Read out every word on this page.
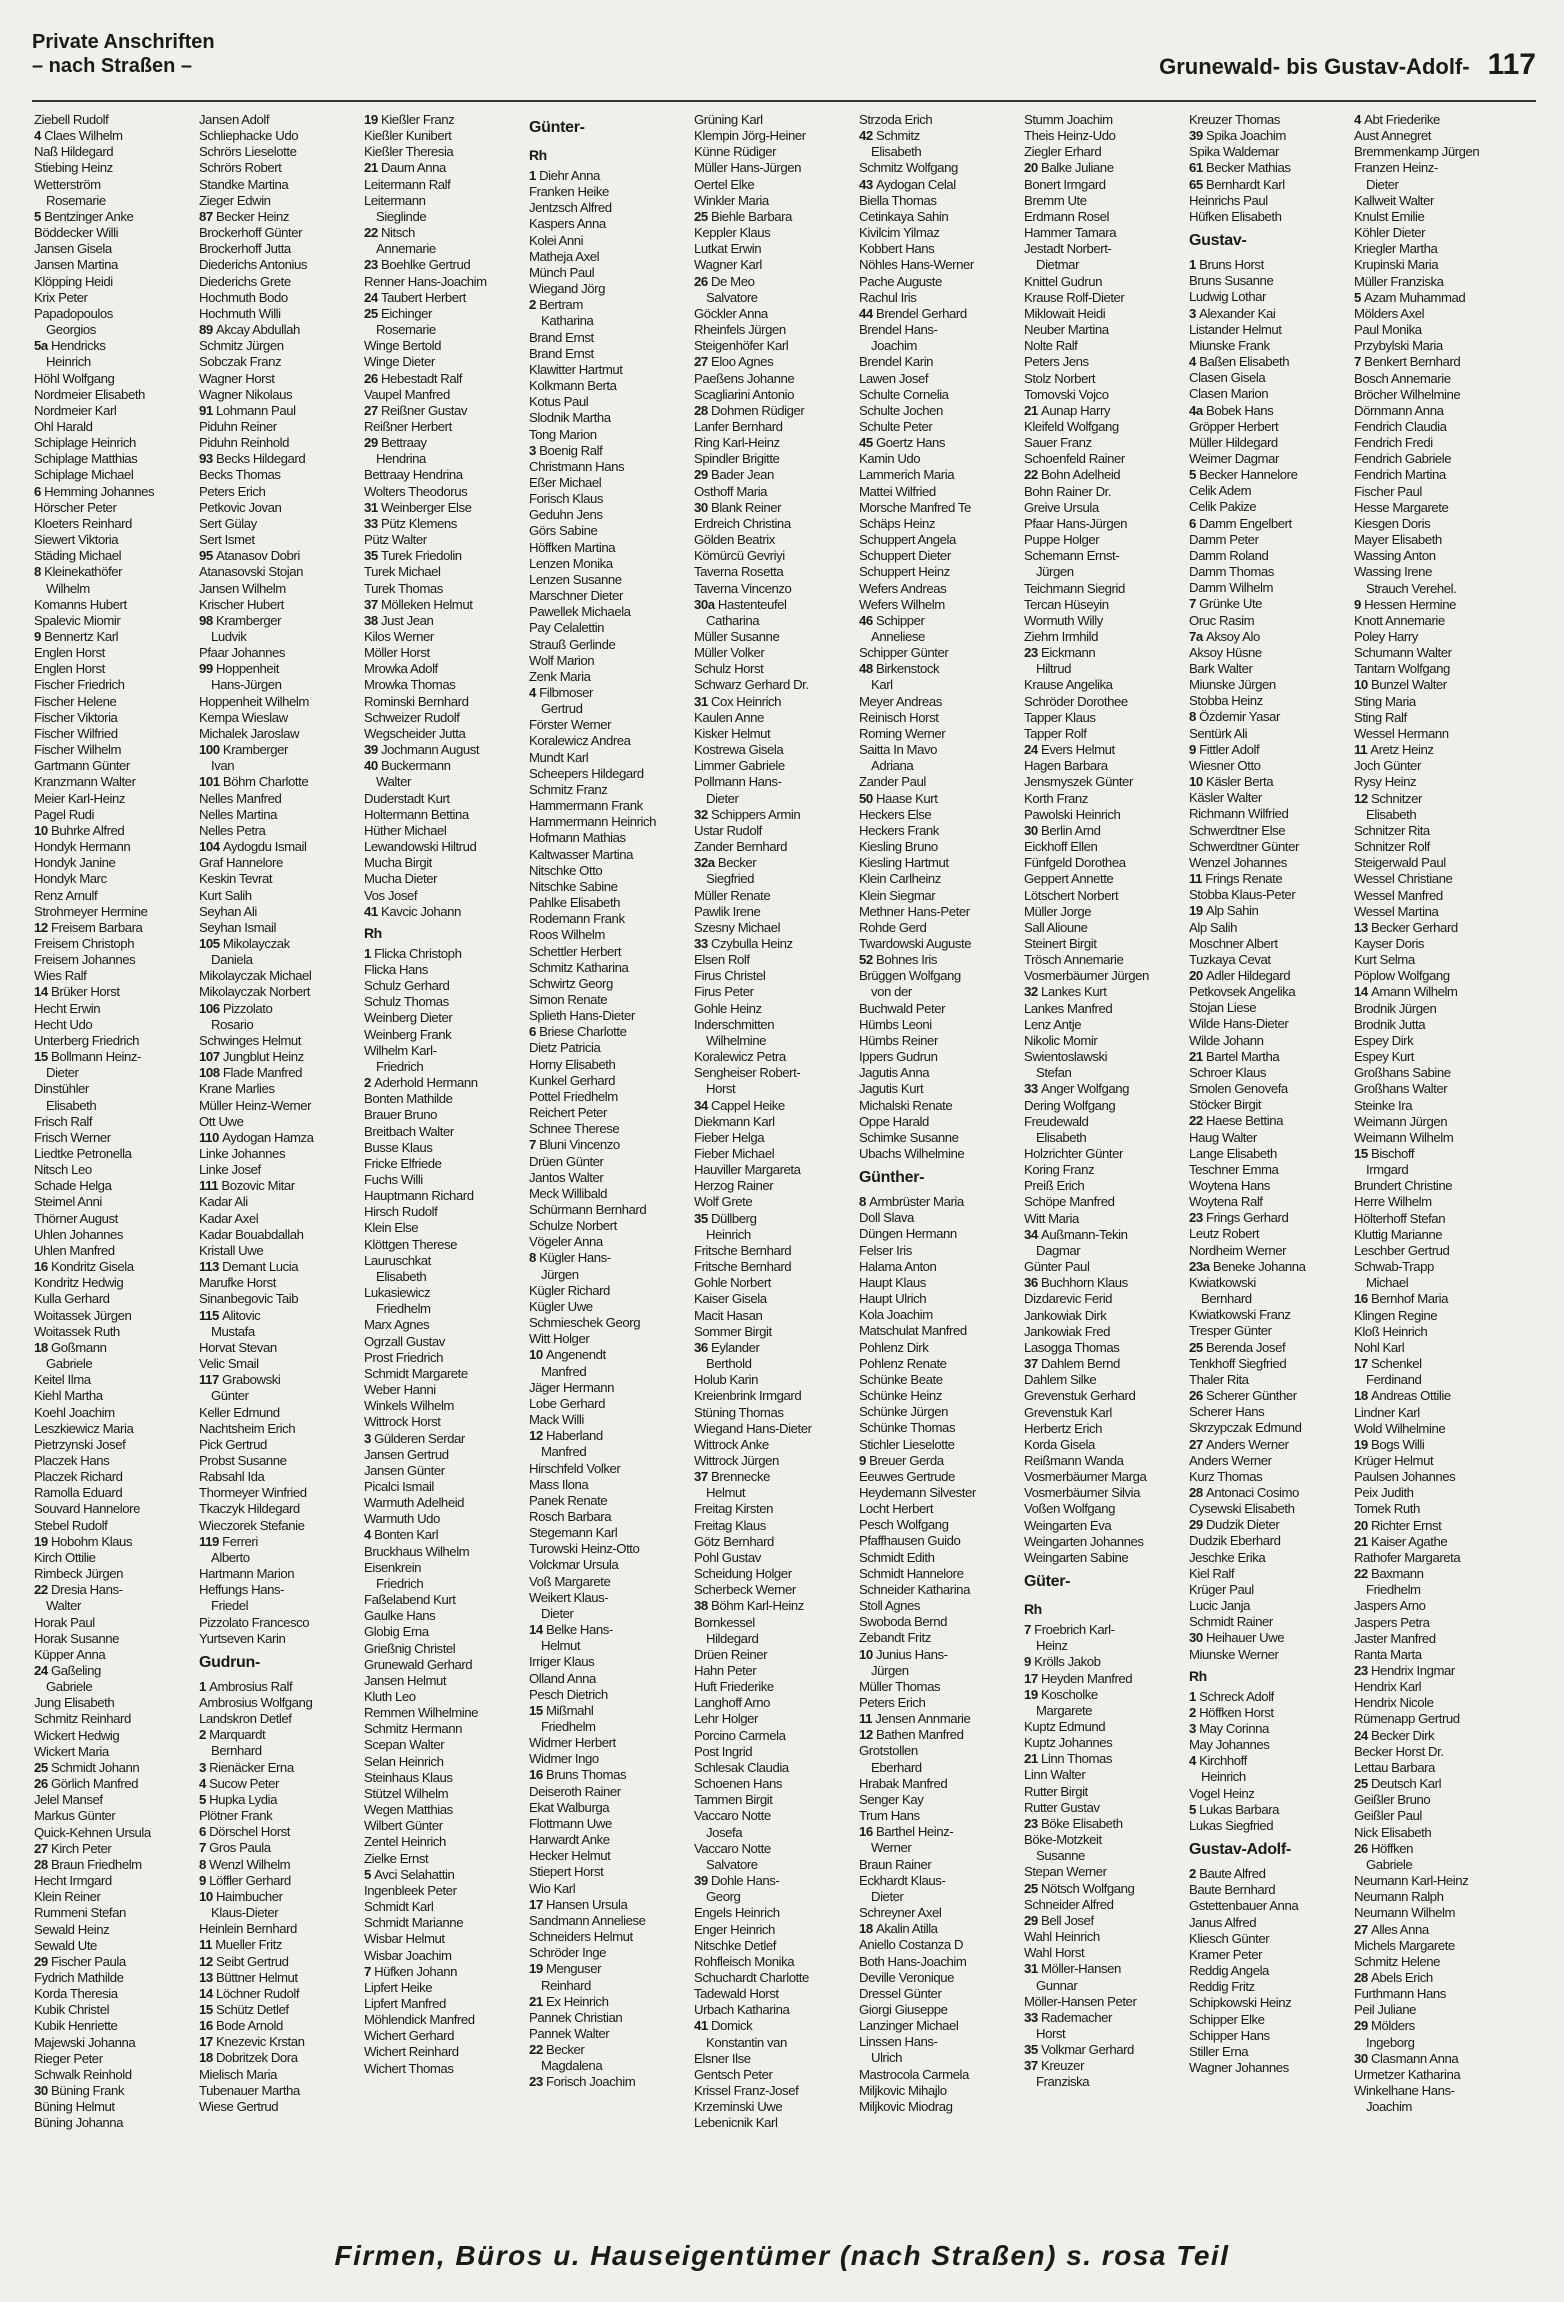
Private Anschriften
– nach Straßen –	Grunewald- bis Gustav-Adolf- 117
Ziebell Rudolf
4 Claes Wilhelm
Naß Hildegard
Stiebing Heinz
Wetterström
Rosemarie
5 Bentzinger Anke
Böddecker Willi
Jansen Gisela
Jansen Martina
Klöpping Heidi
Krix Peter
Papadopoulos
Georgios
5a Hendricks
Heinrich
Höhl Wolfgang
Nordmeier Elisabeth
Nordmeier Karl
Ohl Harald
Schiplage Heinrich
Schiplage Matthias
Schiplage Michael
6 Hemming Johannes
Hörscher Peter
Kloeters Reinhard
Siewert Viktoria
Städing Michael
8 Kleinekathöfer
Wilhelm
Komanns Hubert
Spalevic Miomir
9 Bennertz Karl
Englen Horst
Englen Horst
Fischer Friedrich
Fischer Helene
Fischer Viktoria
Fischer Wilfried
Fischer Wilhelm
Gartmann Günter
Kranzmann Walter
Meier Karl-Heinz
Pagel Rudi
10 Buhrke Alfred
Hondyk Hermann
Hondyk Janine
Hondyk Marc
Renz Arnulf
Strohmeyer Hermine
12 Freisem Barbara
Freisem Christoph
Freisem Johannes
Wies Ralf
14 Brüker Horst
Hecht Erwin
Hecht Udo
Unterberg Friedrich
15 Bollmann Heinz-
Dieter
Dinstühler
Elisabeth
Frisch Ralf
Frisch Werner
Liedtke Petronella
Nitsch Leo
Schade Helga
Steimel Anni
Thörner August
Uhlen Johannes
Uhlen Manfred
16 Kondritz Gisela
Kondritz Hedwig
Kulla Gerhard
Woitassek Jürgen
Woitassek Ruth
18 Goßmann
Gabriele
Keitel Ilma
Kiehl Martha
Koehl Joachim
Leszkiewicz Maria
Pietrzynski Josef
Placzek Hans
Placzek Richard
Ramolla Eduard
Souvard Hannelore
Stebel Rudolf
19 Hobohm Klaus
Kirch Ottilie
Rimbeck Jürgen
22 Dresia Hans-
Walter
Horak Paul
Horak Susanne
Küpper Anna
24 Gaßeling
Gabriele
Jung Elisabeth
Schmitz Reinhard
Wickert Hedwig
Wickert Maria
25 Schmidt Johann
26 Görlich Manfred
Jelel Mansef
Markus Günter
Quick-Kehnen Ursula
27 Kirch Peter
28 Braun Friedhelm
Hecht Irmgard
Klein Reiner
Rummeni Stefan
Sewald Heinz
Sewald Ute
29 Fischer Paula
Fydrich Mathilde
Korda Theresia
Kubik Christel
Kubik Henriette
Majewski Johanna
Rieger Peter
Schwalk Reinhold
30 Büning Frank
Büning Helmut
Büning Johanna
Jansen Adolf
Schliephacke Udo
Schrörs Lieselotte
Schrörs Robert
Standke Martina
Zieger Edwin
87 Becker Heinz
Brockerhoff Günter
Brockerhoff Jutta
Diederichs Antonius
Diederichs Grete
Hochmuth Bodo
Hochmuth Willi
89 Akcay Abdullah
Schmitz Jürgen
Sobczak Franz
Wagner Horst
Wagner Nikolaus
91 Lohmann Paul
Piduhn Reiner
Piduhn Reinhold
93 Becks Hildegard
Becks Thomas
Peters Erich
Petkovic Jovan
Sert Gülay
Sert Ismet
95 Atanasov Dobri
Atanasovski Stojan
Jansen Wilhelm
Krischer Hubert
98 Kramberger
Ludvik
Pfaar Johannes
99 Hoppenheit
Hans-Jürgen
Hoppenheit Wilhelm
Kempa Wieslaw
Michalek Jaroslaw
100 Kramberger
Ivan
101 Böhm Charlotte
Nelles Manfred
Nelles Martina
Nelles Petra
104 Aydogdu Ismail
Graf Hannelore
Keskin Tevrat
Kurt Salih
Seyhan Ali
Seyhan Ismail
105 Mikolayczak
Daniela
Mikolayczak Michael
Mikolayczak Norbert
106 Pizzolato
Rosario
Schwinges Helmut
107 Jungblut Heinz
108 Flade Manfred
Krane Marlies
Müller Heinz-Werner
Ott Uwe
110 Aydogan Hamza
Linke Johannes
Linke Josef
111 Bozovic Mitar
Kadar Ali
Kadar Axel
Kadar Bouabdallah
Kristall Uwe
113 Demant Lucia
Marufke Horst
Sinanbegovic Taib
115 Alitovic
Mustafa
Horvat Stevan
Velic Smail
117 Grabowski
Günter
Keller Edmund
Nachtsheim Erich
Pick Gertrud
Probst Susanne
Rabsahl Ida
Thormeyer Winfried
Tkaczyk Hildegard
Wieczorek Stefanie
119 Ferreri
Alberto
Hartmann Marion
Heffungs Hans-
Friedel
Pizzolato Francesco
Yurtseven Karin
Gudrun-
1 Ambrosius Ralf
Ambrosius Wolfgang
Landskron Detlef
2 Marquardt
Bernhard
3 Rienäcker Erna
4 Sucow Peter
5 Hupka Lydia
Plötner Frank
6 Dörschel Horst
7 Gros Paula
8 Wenzl Wilhelm
9 Löffler Gerhard
10 Haimbucher
Klaus-Dieter
Heinlein Bernhard
11 Mueller Fritz
12 Seibt Gertrud
13 Büttner Helmut
14 Löchner Rudolf
15 Schütz Detlef
16 Bode Arnold
17 Knezevic Krstan
18 Dobritzek Dora
Mielisch Maria
Tubenauer Martha
Wiese Gertrud
19 Kießler Franz
Kießler Kunibert
Kießler Theresia
21 Daum Anna
Leitermann Ralf
Leitermann
Sieglinde
22 Nitsch
Annemarie
23 Boehlke Gertrud
Renner Hans-Joachim
24 Taubert Herbert
25 Eichinger
Rosemarie
Winge Bertold
Winge Dieter
26 Hebestadt Ralf
Vaupel Manfred
27 Reißner Gustav
Reißner Herbert
29 Bettraay
Hendrina
Bettraay Hendrina
Wolters Theodorus
31 Weinberger Else
33 Pütz Klemens
Pütz Walter
35 Turek Friedolin
Turek Michael
Turek Thomas
37 Mölleken Helmut
38 Just Jean
Kilos Werner
Möller Horst
Mrowka Adolf
Mrowka Thomas
Rominski Bernhard
Schweizer Rudolf
Wegscheider Jutta
39 Jochmann August
40 Buckermann
Walter
Duderstadt Kurt
Holtermann Bettina
Hüther Michael
Lewandowski Hiltrud
Mucha Birgit
Mucha Dieter
Vos Josef
41 Kavcic Johann
Rh
1 Flicka Christoph
Flicka Hans
Schulz Gerhard
Schulz Thomas
Weinberg Dieter
Weinberg Frank
Wilhelm Karl-
Friedrich
2 Aderhold Hermann
Bonten Mathilde
Brauer Bruno
Breitbach Walter
Busse Klaus
Fricke Elfriede
Fuchs Willi
Hauptmann Richard
Hirsch Rudolf
Klein Else
Klöttgen Therese
Lauruschkat
Elisabeth
Lukasiewicz
Friedhelm
Marx Agnes
Ogrzall Gustav
Prost Friedrich
Schmidt Margarete
Weber Hanni
Winkels Wilhelm
Wittrock Horst
3 Gülderen Serdar
Jansen Gertrud
Jansen Günter
Picalci Ismail
Warmuth Adelheid
Warmuth Udo
4 Bonten Karl
Bruckhaus Wilhelm
Eisenkrein
Friedrich
Faßelabend Kurt
Gaulke Hans
Globig Erna
Grießnig Christel
Grunewald Gerhard
Jansen Helmut
Kluth Leo
Remmen Wilhelmine
Schmitz Hermann
Scepan Walter
Selan Heinrich
Steinhaus Klaus
Stützel Wilhelm
Wegen Matthias
Wilbert Günter
Zentel Heinrich
Zielke Ernst
5 Avci Selahattin
Ingenbleek Peter
Schmidt Karl
Schmidt Marianne
Wisbar Helmut
Wisbar Joachim
7 Hüfken Johann
Lipfert Heike
Lipfert Manfred
Möhlendick Manfred
Wichert Gerhard
Wichert Reinhard
Wichert Thomas
Günter-
Rh
1 Diehr Anna
Franken Heike
Jentzsch Alfred
Kaspers Anna
Kolei Anni
Matheja Axel
Münch Paul
Wiegand Jörg
2 Bertram
Katharina
Brand Ernst
Brand Ernst
Klawitter Hartmut
Kolkmann Berta
Kotus Paul
Slodnik Martha
Tong Marion
3 Boenig Ralf
Christmann Hans
Eßer Michael
Forisch Klaus
Geduhn Jens
Görs Sabine
Höffken Martina
Lenzen Monika
Lenzen Susanne
Marschner Dieter
Pawellek Michaela
Pay Celalettin
Strauß Gerlinde
Wolf Marion
Zenk Maria
4 Filbmoser
Gertrud
Förster Werner
Koralewicz Andrea
Mundt Karl
Scheepers Hildegard
Schmitz Franz
Hammermann Frank
Hammermann Heinrich
Hofmann Mathias
Kaltwasser Martina
Nitschke Otto
Nitschke Sabine
Pahlke Elisabeth
Rodemann Frank
Roos Wilhelm
Schettler Herbert
Schmitz Katharina
Schwirtz Georg
Simon Renate
Splieth Hans-Dieter
6 Briese Charlotte
Dietz Patricia
Horny Elisabeth
Kunkel Gerhard
Pottel Friedhelm
Reichert Peter
Schnee Therese
7 Bluni Vincenzo
Drüen Günter
Jantos Walter
Meck Willibald
Schürmann Bernhard
Schulze Norbert
Vögeler Anna
8 Kügler Hans-
Jürgen
Kügler Richard
Kügler Uwe
Schmieschek Georg
Witt Holger
10 Angenendt
Manfred
Jäger Hermann
Lobe Gerhard
Mack Willi
12 Haberland
Manfred
Hirschfeld Volker
Mass Ilona
Panek Renate
Rosch Barbara
Stegemann Karl
Turowski Heinz-Otto
Volckmar Ursula
Voß Margarete
Weikert Klaus-
Dieter
14 Belke Hans-
Helmut
Irriger Klaus
Olland Anna
Pesch Dietrich
15 Mißmahl
Friedhelm
Widmer Herbert
Widmer Ingo
16 Bruns Thomas
Deiseroth Rainer
Ekat Walburga
Flottmann Uwe
Harwardt Anke
Hecker Helmut
Stiepert Horst
Wio Karl
17 Hansen Ursula
Sandmann Anneliese
Schneiders Helmut
Schröder Inge
19 Menguser
Reinhard
21 Ex Heinrich
Pannek Christian
Pannek Walter
22 Becker
Magdalena
23 Forisch Joachim
Grüning Karl
Klempin Jörg-Heiner
Künne Rüdiger
Müller Hans-Jürgen
Oertel Elke
Winkler Maria
25 Biehle Barbara
Keppler Klaus
Lutkat Erwin
Wagner Karl
26 De Meo
Salvatore
Göckler Anna
Rheinfels Jürgen
Steigenhöfer Karl
27 Eloo Agnes
Paeßens Johanne
Scagliarini Antonio
28 Dohmen Rüdiger
Lanfer Bernhard
Ring Karl-Heinz
Spindler Brigitte
29 Bader Jean
Osthoff Maria
30 Blank Reiner
Erdreich Christina
Gölden Beatrix
Kömürcü Gevriyi
Taverna Rosetta
Taverna Vincenzo
30a Hastenteufel
Catharina
Müller Susanne
Müller Volker
Schulz Horst
Schwarz Gerhard Dr.
31 Cox Heinrich
Kaulen Anne
Kisker Helmut
Kostrewa Gisela
Limmer Gabriele
Pollmann Hans-
Dieter
32 Schippers Armin
Ustar Rudolf
Zander Bernhard
32a Becker
Siegfried
Müller Renate
Pawlik Irene
Szesny Michael
33 Czybulla Heinz
Elsen Rolf
Firus Christel
Firus Peter
Gohle Heinz
Inderschmitten
Wilhelmine
Koralewicz Petra
Sengheiser Robert-
Horst
34 Cappel Heike
Diekmann Karl
Fieber Helga
Fieber Michael
Hauviller Margareta
Herzog Rainer
Wolf Grete
35 Düllberg
Heinrich
Fritsche Bernhard
Fritsche Bernhard
Gohle Norbert
Kaiser Gisela
Macit Hasan
Sommer Birgit
36 Eylander
Berthold
Holub Karin
Kreienbrink Irmgard
Stüning Thomas
Wiegand Hans-Dieter
Wittrock Anke
Wittrock Jürgen
37 Brennecke
Helmut
Freitag Kirsten
Freitag Klaus
Götz Bernhard
Pohl Gustav
Scheidung Holger
Scherbeck Werner
38 Böhm Karl-Heinz
Bornkessel
Hildegard
Drüen Reiner
Hahn Peter
Huft Friederike
Langhoff Arno
Lehr Holger
Porcino Carmela
Post Ingrid
Schlesak Claudia
Schoenen Hans
Tammen Birgit
Vaccaro Notte
Josefa
Vaccaro Notte
Salvatore
39 Dohle Hans-
Georg
Engels Heinrich
Enger Heinrich
Nitschke Detlef
Rohfleisch Monika
Schuchardt Charlotte
Tadewald Horst
Urbach Katharina
41 Domick
Konstantin van
Elsner Ilse
Gentsch Peter
Krissel Franz-Josef
Krzeminski Uwe
Lebenicnik Karl
Strzoda Erich
42 Schmitz
Elisabeth
Schmitz Wolfgang
43 Aydogan Celal
Biella Thomas
Cetinkaya Sahin
Kivilcim Yilmaz
Kobbert Hans
Nöhles Hans-Werner
Pache Auguste
Rachul Iris
44 Brendel Gerhard
Brendel Hans-
Joachim
Brendel Karin
Lawen Josef
Schulte Cornelia
Schulte Jochen
Schulte Peter
45 Goertz Hans
Kamin Udo
Lammerich Maria
Mattei Wilfried
Morsche Manfred Te
Schäps Heinz
Schuppert Angela
Schuppert Dieter
Schuppert Heinz
Wefers Andreas
Wefers Wilhelm
46 Schipper
Anneliese
Schipper Günter
48 Birkenstock
Karl
Meyer Andreas
Reinisch Horst
Roming Werner
Saitta In Mavo
Adriana
Zander Paul
50 Haase Kurt
Heckers Else
Heckers Frank
Kiesling Bruno
Kiesling Hartmut
Klein Carlheinz
Klein Siegmar
Methner Hans-Peter
Rohde Gerd
Twardowski Auguste
52 Bohnes Iris
Brüggen Wolfgang
von der
Buchwald Peter
Hümbs Leoni
Hümbs Reiner
Ippers Gudrun
Jagutis Anna
Jagutis Kurt
Michalski Renate
Oppe Harald
Schimke Susanne
Ubachs Wilhelmine
Günther-
8 Armbrüster Maria
Doll Slava
Düngen Hermann
Felser Iris
Halama Anton
Haupt Klaus
Haupt Ulrich
Kola Joachim
Matschulat Manfred
Pohlenz Dirk
Pohlenz Renate
Schünke Beate
Schünke Heinz
Schünke Jürgen
Schünke Thomas
Stichler Lieselotte
9 Breuer Gerda
Eeuwes Gertrude
Heydemann Silvester
Locht Herbert
Pesch Wolfgang
Pfaffhausen Guido
Schmidt Edith
Schmidt Hannelore
Schneider Katharina
Stoll Agnes
Swoboda Bernd
Zebandt Fritz
10 Junius Hans-
Jürgen
Müller Thomas
Peters Erich
11 Jensen Annmarie
12 Bathen Manfred
Grotstollen
Eberhard
Hrabak Manfred
Senger Kay
Trum Hans
16 Barthel Heinz-
Werner
Braun Rainer
Eckhardt Klaus-
Dieter
Schreyner Axel
18 Akalin Atilla
Aniello Costanza D
Both Hans-Joachim
Deville Veronique
Dressel Günter
Giorgi Giuseppe
Lanzinger Michael
Linssen Hans-
Ulrich
Mastrocola Carmela
Miljkovic Mihajlo
Miljkovic Miodrag
Stumm Joachim
Theis Heinz-Udo
Ziegler Erhard
20 Balke Juliane
Bonert Irmgard
Bremm Ute
Erdmann Rosel
Hammer Tamara
Jestadt Norbert-
Dietmar
Knittel Gudrun
Krause Rolf-Dieter
Miklowait Heidi
Neuber Martina
Nolte Ralf
Peters Jens
Stolz Norbert
Tomovski Vojco
21 Aunap Harry
Kleifeld Wolfgang
Sauer Franz
Schoenfeld Rainer
22 Bohn Adelheid
Bohn Rainer Dr.
Greive Ursula
Pfaar Hans-Jürgen
Puppe Holger
Schemann Ernst-
Jürgen
Teichmann Siegrid
Tercan Hüseyin
Wormuth Willy
Ziehm Irmhild
23 Eickmann
Hiltrud
Krause Angelika
Schröder Dorothee
Tapper Klaus
Tapper Rolf
24 Evers Helmut
Hagen Barbara
Jensmyszek Günter
Korth Franz
Pawolski Heinrich
30 Berlin Arnd
Eickhoff Ellen
Fünfgeld Dorothea
Geppert Annette
Lötschert Norbert
Müller Jorge
Sall Alioune
Steinert Birgit
Trösch Annemarie
Vosmerbäumer Jürgen
32 Lankes Kurt
Lankes Manfred
Lenz Antje
Nikolic Momir
Swientoslawski
Stefan
33 Anger Wolfgang
Dering Wolfgang
Freudewald
Elisabeth
Holzrichter Günter
Koring Franz
Preiß Erich
Schöpe Manfred
Witt Maria
34 Außmann-Tekin
Dagmar
Günter Paul
36 Buchhorn Klaus
Dizdarevic Ferid
Jankowiak Dirk
Jankowiak Fred
Lasogga Thomas
37 Dahlem Bernd
Dahlem Silke
Grevenstuk Gerhard
Grevenstuk Karl
Herbertz Erich
Korda Gisela
Reißmann Wanda
Vosmerbäumer Marga
Vosmerbäumer Silvia
Voßen Wolfgang
Weingarten Eva
Weingarten Johannes
Weingarten Sabine
Güter-
Rh
7 Froebrich Karl-
Heinz
9 Krölls Jakob
17 Heyden Manfred
19 Koscholke
Margarete
Kuptz Edmund
Kuptz Johannes
21 Linn Thomas
Linn Walter
Rutter Birgit
Rutter Gustav
23 Böke Elisabeth
Böke-Motzkeit
Susanne
Stepan Werner
25 Nötsch Wolfgang
Schneider Alfred
29 Bell Josef
Wahl Heinrich
Wahl Horst
31 Möller-Hansen
Gunnar
Möller-Hansen Peter
33 Rademacher
Horst
35 Volkmar Gerhard
37 Kreuzer
Franziska
Kreuzer Thomas
39 Spika Joachim
Spika Waldemar
61 Becker Mathias
65 Bernhardt Karl
Heinrichs Paul
Hüfken Elisabeth
Gustav-
1 Bruns Horst
Bruns Susanne
Ludwig Lothar
3 Alexander Kai
Listander Helmut
Miunske Frank
4 Baßen Elisabeth
Clasen Gisela
Clasen Marion
4a Bobek Hans
Gröpper Herbert
Müller Hildegard
Weimer Dagmar
5 Becker Hannelore
Celik Adem
Celik Pakize
6 Damm Engelbert
Damm Peter
Damm Roland
Damm Thomas
Damm Wilhelm
7 Grünke Ute
Oruc Rasim
7a Aksoy Alo
Aksoy Hüsne
Bark Walter
Miunske Jürgen
Stobba Heinz
8 Özdemir Yasar
Sentürk Ali
9 Fittler Adolf
Wiesner Otto
10 Käsler Berta
Käsler Walter
Richmann Wilfried
Schwerdtner Else
Schwerdtner Günter
Wenzel Johannes
11 Frings Renate
Stobba Klaus-Peter
19 Alp Sahin
Alp Salih
Moschner Albert
Tuzkaya Cevat
20 Adler Hildegard
Petkovsek Angelika
Stojan Liese
Wilde Hans-Dieter
Wilde Johann
21 Bartel Martha
Schroer Klaus
Smolen Genovefa
Stöcker Birgit
22 Haese Bettina
Haug Walter
Lange Elisabeth
Teschner Emma
Woytena Hans
Woytena Ralf
23 Frings Gerhard
Leutz Robert
Nordheim Werner
23a Beneke Johanna
Kwiatkowski
Bernhard
Kwiatkowski Franz
Tresper Günter
25 Berenda Josef
Tenkhoff Siegfried
Thaler Rita
26 Scherer Günther
Scherer Hans
Skrzypczak Edmund
27 Anders Werner
Anders Werner
Kurz Thomas
28 Antonaci Cosimo
Cysewski Elisabeth
29 Dudzik Dieter
Dudzik Eberhard
Jeschke Erika
Kiel Ralf
Krüger Paul
Lucic Janja
Schmidt Rainer
30 Heihauer Uwe
Miunske Werner
Rh
1 Schreck Adolf
2 Höffken Horst
3 May Corinna
May Johannes
4 Kirchhoff
Heinrich
Vogel Heinz
5 Lukas Barbara
Lukas Siegfried
Gustav-Adolf-
2 Baute Alfred
Baute Bernhard
Gstettenbauer Anna
Janus Alfred
Kliesch Günter
Kramer Peter
Reddig Angela
Reddig Fritz
Schipkowski Heinz
Schipper Elke
Schipper Hans
Stiller Erna
Wagner Johannes
4 Abt Friederike
Aust Annegret
Bremmenkamp Jürgen
Franzen Heinz-
Dieter
Kallweit Walter
Knulst Emilie
Köhler Dieter
Kriegler Martha
Krupinski Maria
Müller Franziska
5 Azam Muhammad
Mölders Axel
Paul Monika
Przybylski Maria
7 Benkert Bernhard
Bosch Annemarie
Bröcher Wilhelmine
Dörnmann Anna
Fendrich Claudia
Fendrich Fredi
Fendrich Gabriele
Fendrich Martina
Fischer Paul
Hesse Margarete
Kiesgen Doris
Mayer Elisabeth
Wassing Anton
Wassing Irene
Strauch Verehel.
9 Hessen Hermine
Knott Annemarie
Poley Harry
Schumann Walter
Tantarn Wolfgang
10 Bunzel Walter
Sting Maria
Sting Ralf
Wessel Hermann
11 Aretz Heinz
Joch Günter
Rysy Heinz
12 Schnitzer
Elisabeth
Schnitzer Rita
Schnitzer Rolf
Steigerwald Paul
Wessel Christiane
Wessel Manfred
Wessel Martina
13 Becker Gerhard
Kayser Doris
Kurt Selma
Pöplow Wolfgang
14 Amann Wilhelm
Brodnik Jürgen
Brodnik Jutta
Espey Dirk
Espey Kurt
Großhans Sabine
Großhans Walter
Steinke Ira
Weimann Jürgen
Weimann Wilhelm
15 Bischoff
Irmgard
Brundert Christine
Herre Wilhelm
Hölterhoff Stefan
Kluttig Marianne
Leschber Gertrud
Schwab-Trapp
Michael
16 Bernhof Maria
Klingen Regine
Kloß Heinrich
Nohl Karl
17 Schenkel
Ferdinand
18 Andreas Ottilie
Lindner Karl
Wold Wilhelmine
19 Bogs Willi
Krüger Helmut
Paulsen Johannes
Peix Judith
Tomek Ruth
20 Richter Ernst
21 Kaiser Agathe
Rathofer Margareta
22 Baxmann
Friedhelm
Jaspers Arno
Jaspers Petra
Jaster Manfred
Ranta Marta
23 Hendrix Ingmar
Hendrix Karl
Hendrix Nicole
Rümenapp Gertrud
24 Becker Dirk
Becker Horst Dr.
Lettau Barbara
25 Deutsch Karl
Geißler Bruno
Geißler Paul
Nick Elisabeth
26 Höffken
Gabriele
Neumann Karl-Heinz
Neumann Ralph
Neumann Wilhelm
27 Alles Anna
Michels Margarete
Schmitz Helene
28 Abels Erich
Furthmann Hans
Peil Juliane
29 Mölders
Ingeborg
30 Clasmann Anna
Urmetzer Katharina
Winkelhane Hans-
Joachim
Firmen, Büros u. Hauseigentümer (nach Straßen) s. rosa Teil
